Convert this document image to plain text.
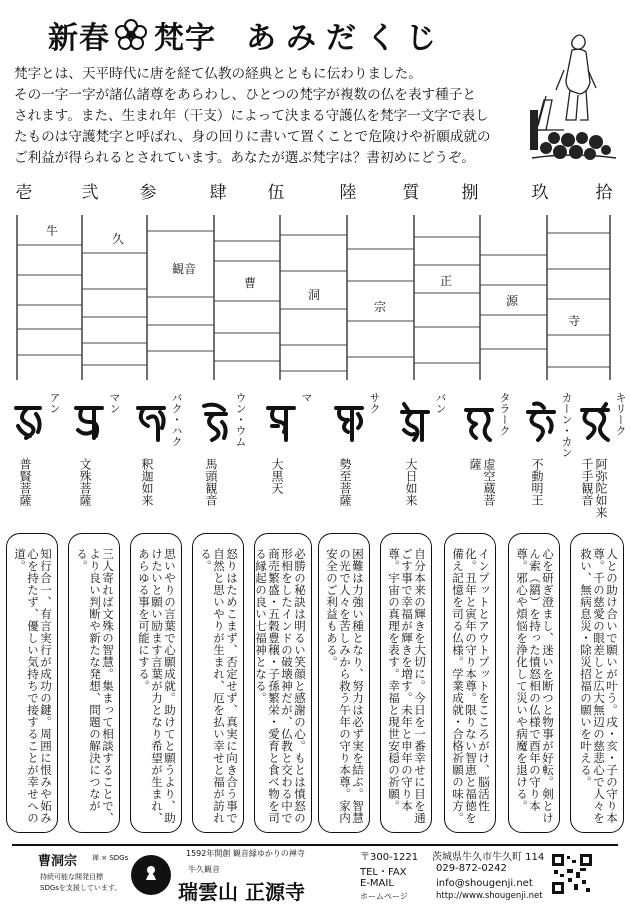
新春 梵字 あみだくじ

梵字とは、天平時代に唐を経て仏教の経典とともに伝わりました。

その一字一字が諸仏諸尊をあらわし、ひとつの梵字が複数の仏を表す種子と

されます。また、生まれ年（干支）によって決まる守護仏を梵字一文字で表し

たものは守護梵字と呼ばれ、身の回りに書いて置くことで危険けや祈願成就の

ご利益が得られるとされています。あなたが選ぶ梵字は？書初めにどうぞ。

壱	弐	参	肆	伍	陸	質	捌	玖	拾
牛
久
観音
曹
洞
宗
正
源
寺
アン
普賢菩薩
マン
文殊菩薩
バク・ハク
釈迦如来
ウン・ウム
馬頭観音
マ
大黒天
サク
勢至菩薩
バン
大日如来
タラーク
虚空蔵菩薩
カーン・カン
不動明王
キリーク
阿弥陀如来
千手観音
知行合一、有言実行が成功の鍵。周囲に恨みや妬み心を持たず、優しい気持ちで接することが幸せへの道。	三人寄れば文殊の智慧。集まって相談することで、より良い判断や新たな発想、問題の解決につながる。	思いやりの言葉で心願成就。助けてと願うより、助けたいと願い励ます言葉が力となり希望が生まれ、あらゆる事を可能にする。	怒りはためこまず、否定せず、真実に向き合う事で自然と思いやりが生まれ、厄を払い幸せと福が訪れる。	必勝の秘訣は明るい笑顔と感謝の心。もとは憤怒の形相をしたインドの破壊神だが、仏教と交わる中で商売繁盛・五穀豊穣・子孫繁栄・愛育と食べ物を司る縁起の良い七福神となる。	困難は力強い種となり、努力は必ず実を結ぶ。智慧の光で人々を苦しみから救う午年の守り本尊。家内安全のご利益もある。	自分本来の輝きを大切に。今日を一番幸せに目を通ごす事で幸福が輝きを増す。未年と申年の守り本尊。宇宙の真理を表す。幸福と現世安穏の祈願。	インプットとアウトプットをこころがけ、脳活性化。丑年と寅年の守り本尊。限りない智恵と福徳を備え記憶を司る仏様。学業成就・合格祈願の味方。	心を研ぎ澄まし、迷いを断つと物事が好転。剣とけん索（羂）を持った憤怒相の仏様で酉年の守り本尊。邪心や煩悩を浄化して災いや病魔を退ける。	人との助け合いで願いが叶う。戌・亥・子の守り本尊。千の慈愛の眼差しと広大無辺の慈悲心で人々を救い、無病息災・除災招福の願いを叶える。
曹洞宗 禅 × SDGs
持続可能な開発目標
SDGsを支援しています。
1592年開創 観音縁ゆかりの禅寺
牛久観音
瑞雲山 正源寺
〒300-1221 茨城県牛久市牛久町 114
TEL・FAX	029-872-0242
E-MAIL	info@shougenji.net
ホームページ	http://www.shougenji.net
